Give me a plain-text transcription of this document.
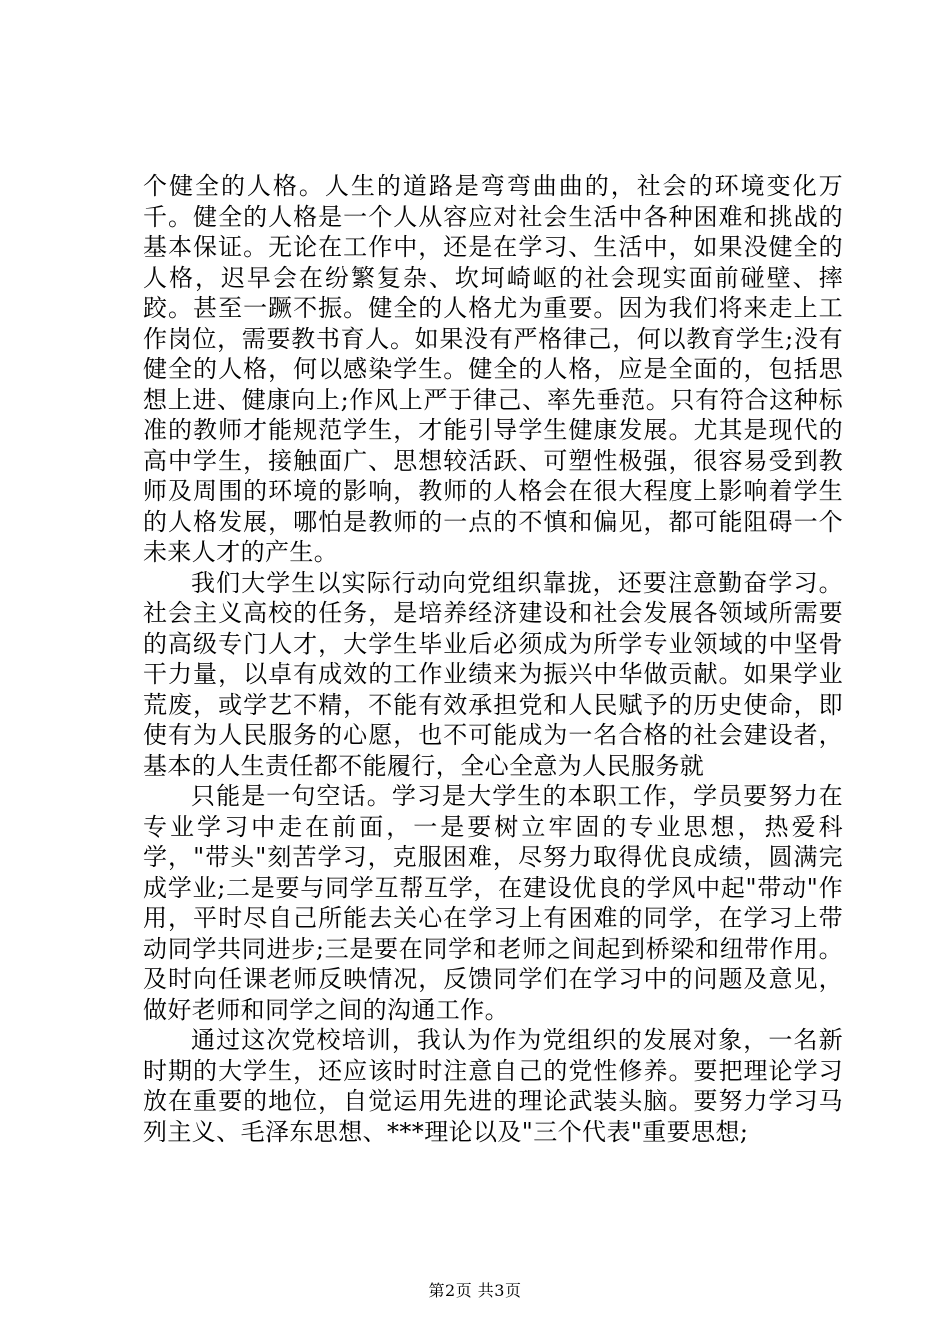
个健全的人格。人生的道路是弯弯曲曲的，社会的环境变化万千。健全的人格是一个人从容应对社会生活中各种困难和挑战的基本保证。无论在工作中，还是在学习、生活中，如果没健全的人格，迟早会在纷繁复杂、坎坷崎岖的社会现实面前碰壁、摔跤。甚至一蹶不振。健全的人格尤为重要。因为我们将来走上工作岗位，需要教书育人。如果没有严格律己，何以教育学生;没有健全的人格，何以感染学生。健全的人格，应是全面的，包括思想上进、健康向上;作风上严于律己、率先垂范。只有符合这种标准的教师才能规范学生，才能引导学生健康发展。尤其是现代的高中学生，接触面广、思想较活跃、可塑性极强，很容易受到教师及周围的环境的影响，教师的人格会在很大程度上影响着学生的人格发展，哪怕是教师的一点的不慎和偏见，都可能阻碍一个未来人才的产生。

我们大学生以实际行动向党组织靠拢，还要注意勤奋学习。社会主义高校的任务，是培养经济建设和社会发展各领域所需要的高级专门人才，大学生毕业后必须成为所学专业领域的中坚骨干力量，以卓有成效的工作业绩来为振兴中华做贡献。如果学业荒废，或学艺不精，不能有效承担党和人民赋予的历史使命，即使有为人民服务的心愿，也不可能成为一名合格的社会建设者，基本的人生责任都不能履行，全心全意为人民服务就

只能是一句空话。学习是大学生的本职工作，学员要努力在专业学习中走在前面，一是要树立牢固的专业思想，热爱科学，"带头"刻苦学习，克服困难，尽努力取得优良成绩，圆满完成学业;二是要与同学互帮互学，在建设优良的学风中起"带动"作用，平时尽自己所能去关心在学习上有困难的同学，在学习上带动同学共同进步;三是要在同学和老师之间起到桥梁和纽带作用。及时向任课老师反映情况，反馈同学们在学习中的问题及意见，做好老师和同学之间的沟通工作。

通过这次党校培训，我认为作为党组织的发展对象，一名新时期的大学生，还应该时时注意自己的党性修养。要把理论学习放在重要的地位，自觉运用先进的理论武装头脑。要努力学习马列主义、毛泽东思想、***理论以及"三个代表"重要思想;

第2页 共3页
